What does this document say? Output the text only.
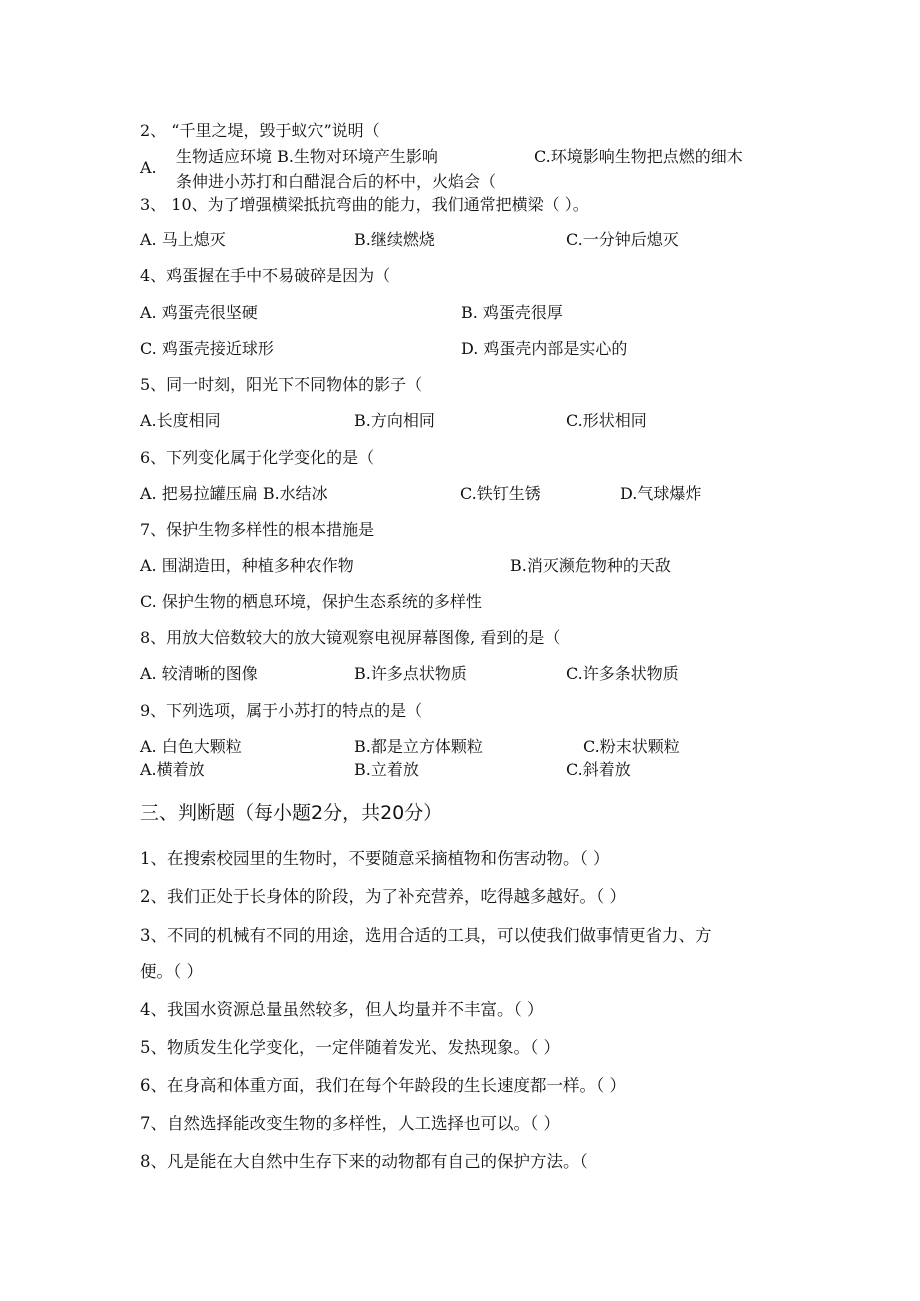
2、 “千里之堤，毁于蚁穴”说明（
A.
生物适应环境 B.生物对环境产生影响	C.环境影响生物把点燃的细木
条伸进小苏打和白醋混合后的杯中，火焰会（
3、 10、为了增强横梁抵抗弯曲的能力，我们通常把横梁（ ）。
A. 马上熄灭	B.继续燃烧	C.一分钟后熄灭
4、鸡蛋握在手中不易破碎是因为（
A. 鸡蛋壳很坚硬	B. 鸡蛋壳很厚
C. 鸡蛋壳接近球形	D. 鸡蛋壳内部是实心的
5、同一时刻，阳光下不同物体的影子（
A.长度相同	B.方向相同	C.形状相同
6、下列变化属于化学变化的是（
A. 把易拉罐压扁 B.水结冰	C.铁钉生锈	D.气球爆炸
7、保护生物多样性的根本措施是
A. 围湖造田，种植多种农作物	B.消灭濒危物种的天敌
C. 保护生物的栖息环境，保护生态系统的多样性
8、用放大倍数较大的放大镜观察电视屏幕图像, 看到的是（
A. 较清晰的图像	B.许多点状物质	C.许多条状物质
9、下列选项，属于小苏打的特点的是（
A. 白色大颗粒	B.都是立方体颗粒	C.粉末状颗粒
A.横着放	B.立着放	C.斜着放
三、判断题（每小题2分，共20分）
1、在搜索校园里的生物时，不要随意采摘植物和伤害动物。（ ）
2、我们正处于长身体的阶段，为了补充营养，吃得越多越好。（ ）
3、不同的机械有不同的用途，选用合适的工具，可以使我们做事情更省力、方
便。（ ）
4、我国水资源总量虽然较多，但人均量并不丰富。（ ）
5、物质发生化学变化，一定伴随着发光、发热现象。（ ）
6、在身高和体重方面，我们在每个年龄段的生长速度都一样。（ ）
7、自然选择能改变生物的多样性，人工选择也可以。（ ）
8、凡是能在大自然中生存下来的动物都有自己的保护方法。（
